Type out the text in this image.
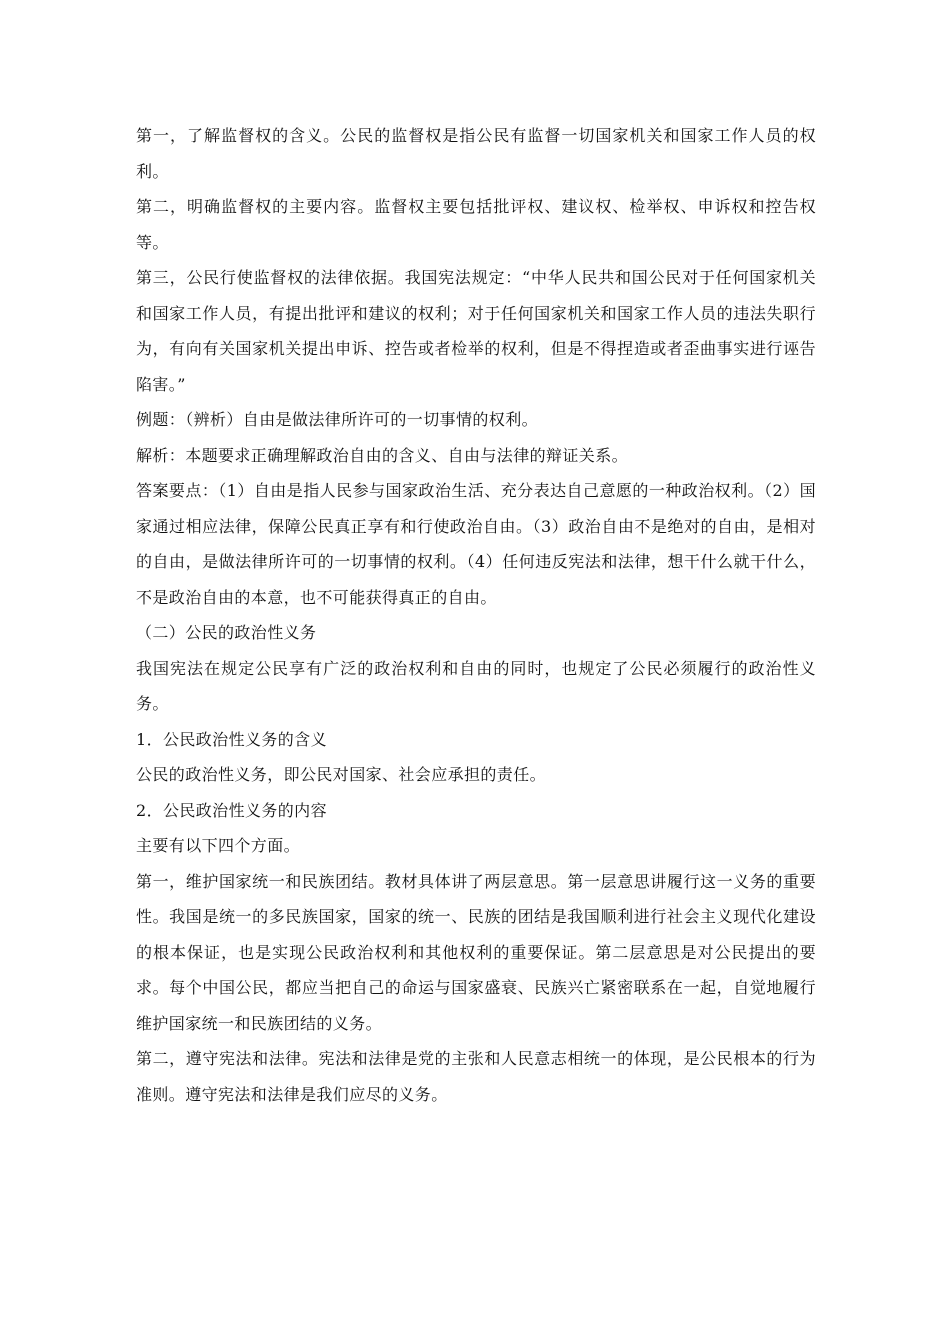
第一，了解监督权的含义。公民的监督权是指公民有监督一切国家机关和国家工作人员的权利。

第二，明确监督权的主要内容。监督权主要包括批评权、建议权、检举权、申诉权和控告权等。

第三，公民行使监督权的法律依据。我国宪法规定：“中华人民共和国公民对于任何国家机关和国家工作人员，有提出批评和建议的权利；对于任何国家机关和国家工作人员的违法失职行为，有向有关国家机关提出申诉、控告或者检举的权利，但是不得捏造或者歪曲事实进行诬告陷害。”

例题：（辨析）自由是做法律所许可的一切事情的权利。

解析：本题要求正确理解政治自由的含义、自由与法律的辩证关系。

答案要点：（1）自由是指人民参与国家政治生活、充分表达自己意愿的一种政治权利。（2）国家通过相应法律，保障公民真正享有和行使政治自由。（3）政治自由不是绝对的自由，是相对的自由，是做法律所许可的一切事情的权利。（4）任何违反宪法和法律，想干什么就干什么，不是政治自由的本意，也不可能获得真正的自由。

（二）公民的政治性义务

我国宪法在规定公民享有广泛的政治权利和自由的同时，也规定了公民必须履行的政治性义务。

1．公民政治性义务的含义

公民的政治性义务，即公民对国家、社会应承担的责任。

2．公民政治性义务的内容

主要有以下四个方面。

第一，维护国家统一和民族团结。教材具体讲了两层意思。第一层意思讲履行这一义务的重要性。我国是统一的多民族国家，国家的统一、民族的团结是我国顺利进行社会主义现代化建设的根本保证，也是实现公民政治权利和其他权利的重要保证。第二层意思是对公民提出的要求。每个中国公民，都应当把自己的命运与国家盛衰、民族兴亡紧密联系在一起，自觉地履行维护国家统一和民族团结的义务。

第二，遵守宪法和法律。宪法和法律是党的主张和人民意志相统一的体现，是公民根本的行为准则。遵守宪法和法律是我们应尽的义务。
